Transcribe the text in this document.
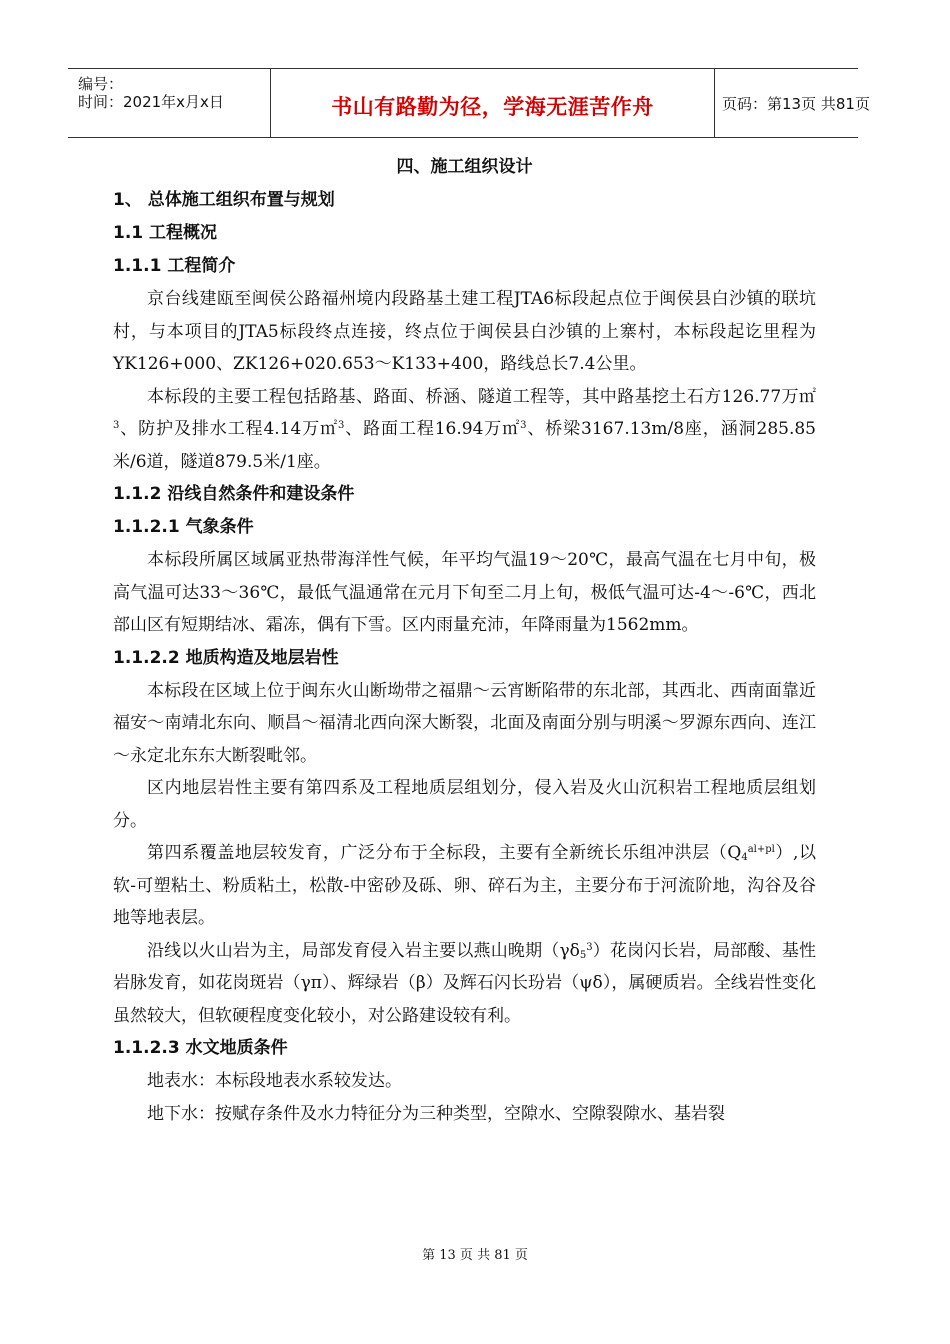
编号：
时间：2021年x月x日	书山有路勤为径，学海无涯苦作舟	页码：第13页 共81页
四、施工组织设计
1、 总体施工组织布置与规划
1.1 工程概况
1.1.1 工程简介

京台线建瓯至闽侯公路福州境内段路基土建工程JTA6标段起点位于闽侯县白沙镇的联坑村，与本项目的JTA5标段终点连接，终点位于闽侯县白沙镇的上寨村，本标段起讫里程为YK126+000、ZK126+020.653～K133+400，路线总长7.4公里。

本标段的主要工程包括路基、路面、桥涵、隧道工程等，其中路基挖土石方126.77万㎡$^3$、防护及排水工程4.14万㎡$^3$、路面工程16.94万㎡$^3$、桥梁3167.13m/8座，涵洞285.85米/6道，隧道879.5米/1座。

1.1.2 沿线自然条件和建设条件
1.1.2.1 气象条件

本标段所属区域属亚热带海洋性气候，年平均气温19～20℃，最高气温在七月中旬，极高气温可达33～36℃，最低气温通常在元月下旬至二月上旬，极低气温可达-4～-6℃，西北部山区有短期结冰、霜冻，偶有下雪。区内雨量充沛，年降雨量为1562mm。

1.1.2.2 地质构造及地层岩性

本标段在区域上位于闽东火山断坳带之福鼎～云宵断陷带的东北部，其西北、西南面靠近福安～南靖北东向、顺昌～福清北西向深大断裂，北面及南面分别与明溪～罗源东西向、连江～永定北东东大断裂毗邻。

区内地层岩性主要有第四系及工程地质层组划分，侵入岩及火山沉积岩工程地质层组划分。

第四系覆盖地层较发育，广泛分布于全标段，主要有全新统长乐组冲洪层$(Q_4^{al+pl})$,以软-可塑粘土、粉质粘土，松散-中密砂及砾、卵、碎石为主，主要分布于河流阶地，沟谷及谷地等地表层。

沿线以火山岩为主，局部发育侵入岩主要以燕山晚期$(\gamma\delta_5^3)$花岗闪长岩，局部酸、基性岩脉发育，如花岗斑岩（γπ）、辉绿岩（β）及辉石闪长玢岩（ψδ），属硬质岩。全线岩性变化虽然较大，但软硬程度变化较小，对公路建设较有利。

1.1.2.3 水文地质条件

地表水：本标段地表水系较发达。

地下水：按赋存条件及水力特征分为三种类型，空隙水、空隙裂隙水、基岩裂

第 13 页 共 81 页
